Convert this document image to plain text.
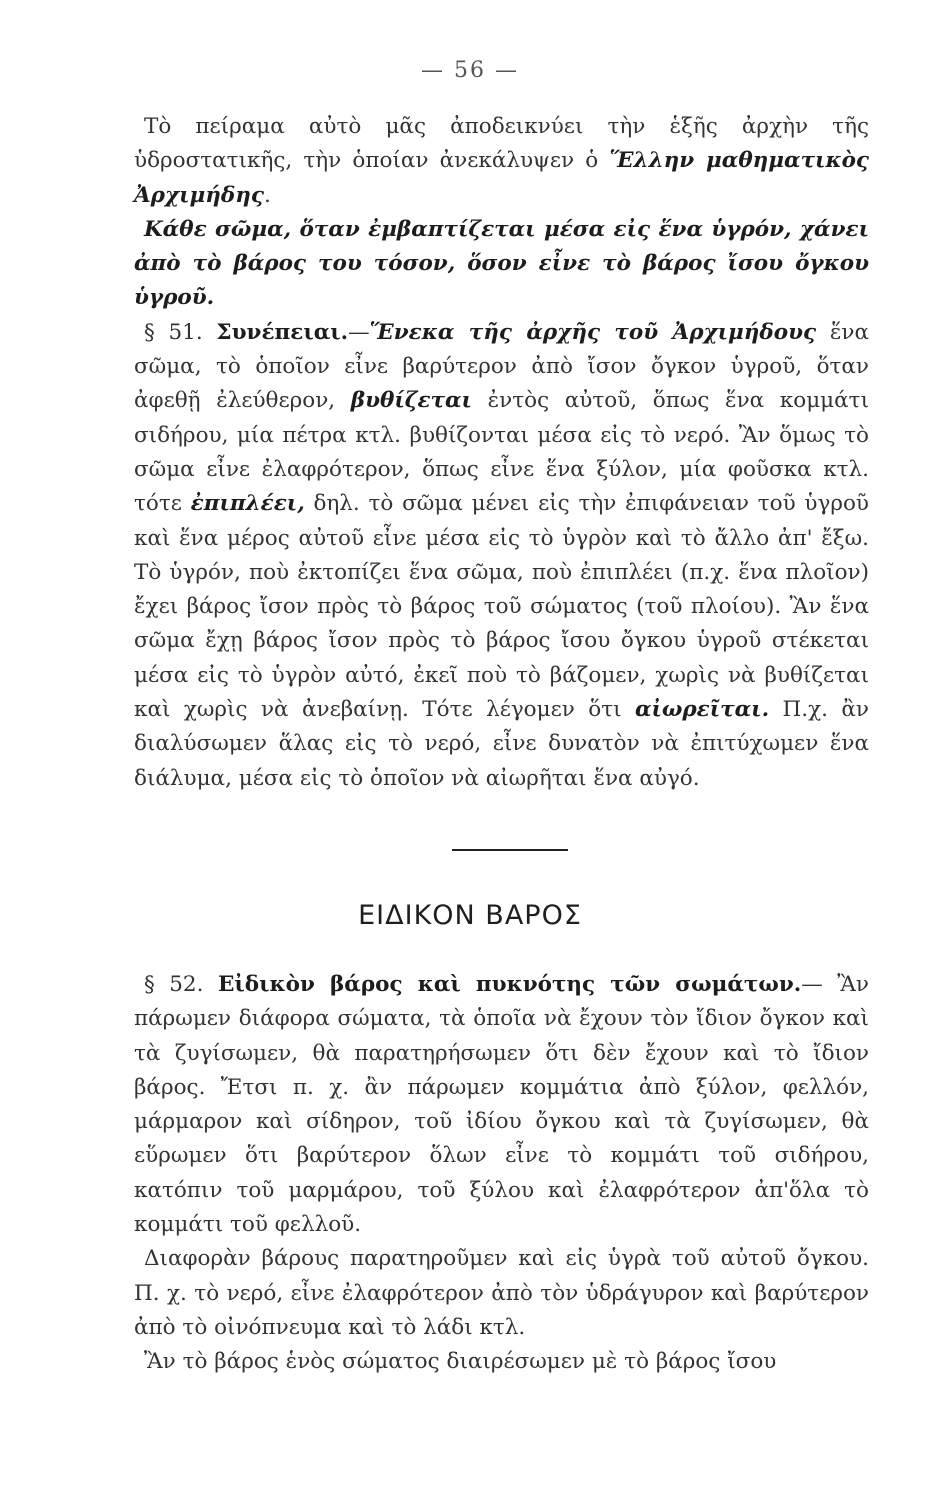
— 56 —

Τὸ πείραμα αὐτὸ μᾶς ἀποδεικνύει τὴν ἑξῆς ἀρχὴν τῆς ὑδροστατικῆς, τὴν ὁποίαν ἀνεκάλυψεν ὁ Ἕλλην μαθηματικὸς Ἀρχιμήδης.

Κάθε σῶμα, ὅταν ἐμβαπτίζεται μέσα εἰς ἕνα ὑγρόν, χάνει ἀπὸ τὸ βάρος του τόσον, ὅσον εἶνε τὸ βάρος ἴσου ὄγκου ὑγροῦ.

§ 51. Συνέπειαι.—Ἕνεκα τῆς ἀρχῆς τοῦ Ἀρχιμήδους ἕνα σῶμα, τὸ ὁποῖον εἶνε βαρύτερον ἀπὸ ἴσον ὄγκον ὑγροῦ, ὅταν ἀφεθῇ ἐλεύθερον, βυθίζεται ἐντὸς αὐτοῦ, ὅπως ἕνα κομμάτι σιδήρου, μία πέτρα κτλ. βυθίζονται μέσα εἰς τὸ νερό. Ἂν ὅμως τὸ σῶμα εἶνε ἐλαφρότερον, ὅπως εἶνε ἕνα ξύλον, μία φοῦσκα κτλ. τότε ἐπιπλέει, δηλ. τὸ σῶμα μένει εἰς τὴν ἐπιφάνειαν τοῦ ὑγροῦ καὶ ἕνα μέρος αὐτοῦ εἶνε μέσα εἰς τὸ ὑγρὸν καὶ τὸ ἄλλο ἀπ' ἔξω. Τὸ ὑγρόν, ποὺ ἐκτοπίζει ἕνα σῶμα, ποὺ ἐπιπλέει (π.χ. ἕνα πλοῖον) ἔχει βάρος ἴσον πρὸς τὸ βάρος τοῦ σώματος (τοῦ πλοίου). Ἂν ἕνα σῶμα ἔχῃ βάρος ἴσον πρὸς τὸ βάρος ἴσου ὄγκου ὑγροῦ στέκεται μέσα εἰς τὸ ὑγρὸν αὐτό, ἐκεῖ ποὺ τὸ βάζομεν, χωρὶς νὰ βυθίζεται καὶ χωρὶς νὰ ἀνεβαίνῃ. Τότε λέγομεν ὅτι αἰωρεῖται. Π.χ. ἂν διαλύσωμεν ἅλας εἰς τὸ νερό, εἶνε δυνατὸν νὰ ἐπιτύχωμεν ἕνα διάλυμα, μέσα εἰς τὸ ὁποῖον νὰ αἰωρῆται ἕνα αὐγό.

ΕΙΔΙΚΟΝ ΒΑΡΟΣ

§ 52. Εἰδικὸν βάρος καὶ πυκνότης τῶν σωμάτων.— Ἂν πάρωμεν διάφορα σώματα, τὰ ὁποῖα νὰ ἔχουν τὸν ἴδιον ὄγκον καὶ τὰ ζυγίσωμεν, θὰ παρατηρήσωμεν ὅτι δὲν ἔχουν καὶ τὸ ἴδιον βάρος. Ἔτσι π. χ. ἂν πάρωμεν κομμάτια ἀπὸ ξύλον, φελλόν, μάρμαρον καὶ σίδηρον, τοῦ ἰδίου ὄγκου καὶ τὰ ζυγίσωμεν, θὰ εὕρωμεν ὅτι βαρύτερον ὅλων εἶνε τὸ κομμάτι τοῦ σιδήρου, κατόπιν τοῦ μαρμάρου, τοῦ ξύλου καὶ ἐλαφρότερον ἀπ'ὅλα τὸ κομμάτι τοῦ φελλοῦ.

Διαφορὰν βάρους παρατηροῦμεν καὶ εἰς ὑγρὰ τοῦ αὐτοῦ ὄγκου. Π. χ. τὸ νερό, εἶνε ἐλαφρότερον ἀπὸ τὸν ὑδράγυρον καὶ βαρύτερον ἀπὸ τὸ οἰνόπνευμα καὶ τὸ λάδι κτλ.

Ἂν τὸ βάρος ἑνὸς σώματος διαιρέσωμεν μὲ τὸ βάρος ἴσου
